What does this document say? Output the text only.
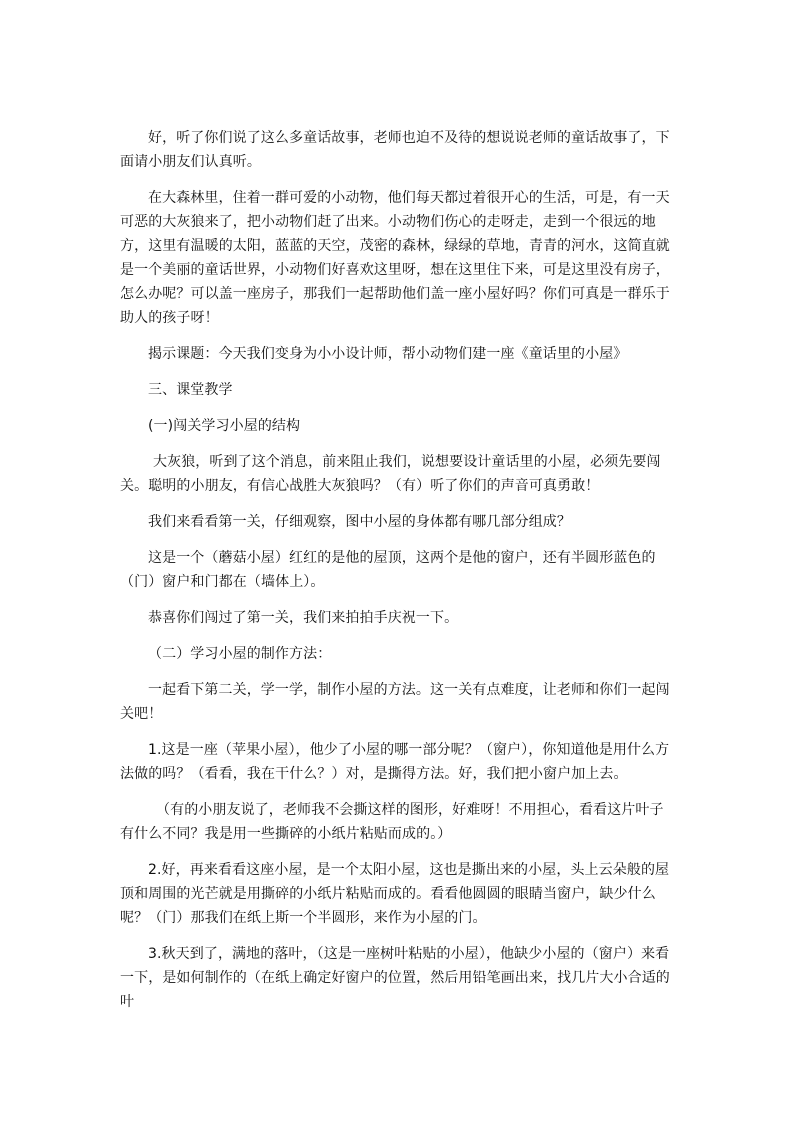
好，听了你们说了这么多童话故事，老师也迫不及待的想说说老师的童话故事了，下面请小朋友们认真听。

在大森林里，住着一群可爱的小动物，他们每天都过着很开心的生活，可是，有一天可恶的大灰狼来了，把小动物们赶了出来。小动物们伤心的走呀走，走到一个很远的地方，这里有温暖的太阳，蓝蓝的天空，茂密的森林，绿绿的草地，青青的河水，这简直就是一个美丽的童话世界，小动物们好喜欢这里呀，想在这里住下来，可是这里没有房子，怎么办呢？可以盖一座房子，那我们一起帮助他们盖一座小屋好吗？你们可真是一群乐于助人的孩子呀！

揭示课题：今天我们变身为小小设计师，帮小动物们建一座《童话里的小屋》

三、课堂教学

(一)闯关学习小屋的结构

大灰狼，听到了这个消息，前来阻止我们，说想要设计童话里的小屋，必须先要闯关。聪明的小朋友，有信心战胜大灰狼吗？（有）听了你们的声音可真勇敢！

我们来看看第一关，仔细观察，图中小屋的身体都有哪几部分组成？

这是一个（蘑菇小屋）红红的是他的屋顶，这两个是他的窗户，还有半圆形蓝色的（门）窗户和门都在（墙体上）。

恭喜你们闯过了第一关，我们来拍拍手庆祝一下。

（二）学习小屋的制作方法：

一起看下第二关，学一学，制作小屋的方法。这一关有点难度，让老师和你们一起闯关吧！

1.这是一座（苹果小屋），他少了小屋的哪一部分呢？（窗户），你知道他是用什么方法做的吗？（看看，我在干什么？）对，是撕得方法。好，我们把小窗户加上去。

（有的小朋友说了，老师我不会撕这样的图形，好难呀！不用担心，看看这片叶子有什么不同？我是用一些撕碎的小纸片粘贴而成的。）

2.好，再来看看这座小屋，是一个太阳小屋，这也是撕出来的小屋，头上云朵般的屋顶和周围的光芒就是用撕碎的小纸片粘贴而成的。看看他圆圆的眼睛当窗户，缺少什么呢？（门）那我们在纸上斯一个半圆形，来作为小屋的门。

3.秋天到了，满地的落叶，（这是一座树叶粘贴的小屋），他缺少小屋的（窗户）来看一下，是如何制作的（在纸上确定好窗户的位置，然后用铅笔画出来，找几片大小合适的叶
